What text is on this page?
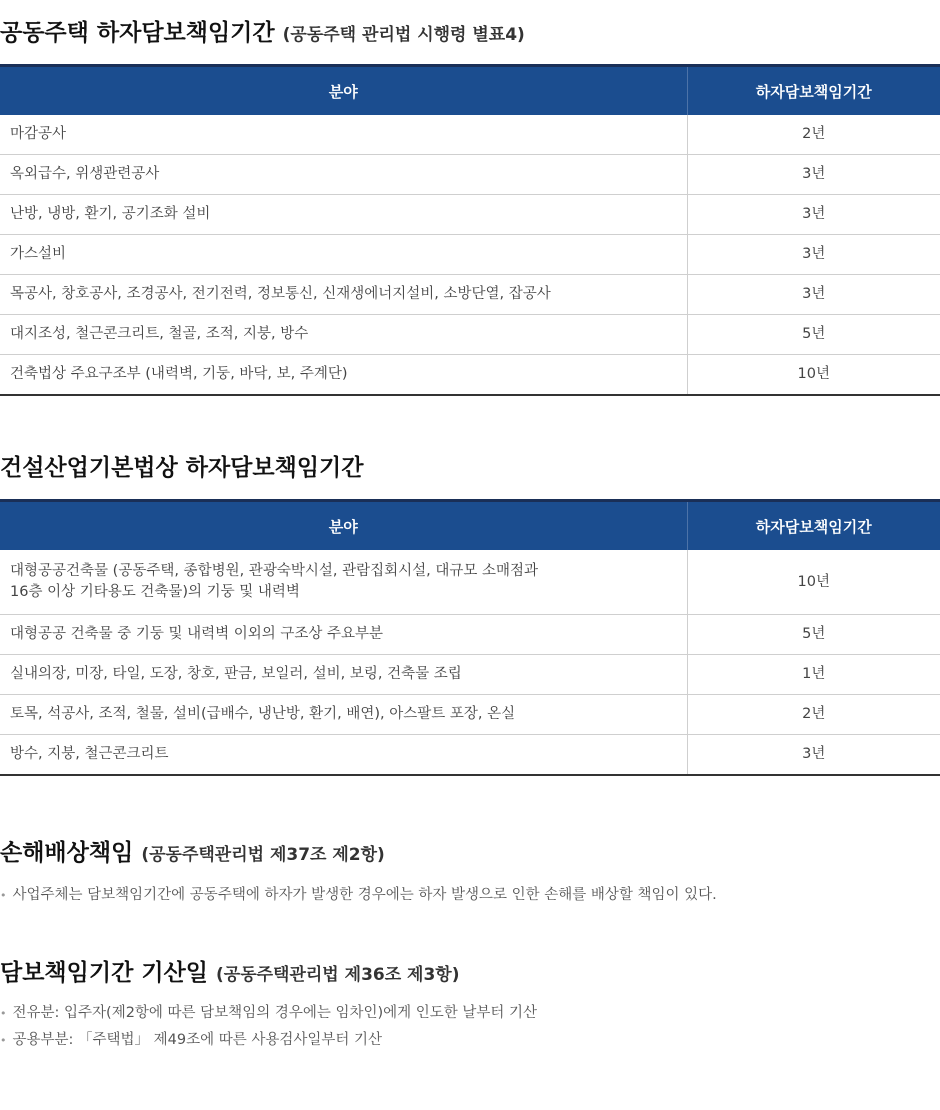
공동주택 하자담보책임기간 (공동주택 관리법 시행령 별표4)
분야	하자담보책임기간
마감공사	2년
옥외급수, 위생관련공사	3년
난방, 냉방, 환기, 공기조화 설비	3년
가스설비	3년
목공사, 창호공사, 조경공사, 전기전력, 정보통신, 신재생에너지설비, 소방단열, 잡공사	3년
대지조성, 철근콘크리트, 철골, 조적, 지붕, 방수	5년
건축법상 주요구조부 (내력벽, 기둥, 바닥, 보, 주계단)	10년
건설산업기본법상 하자담보책임기간
분야	하자담보책임기간

대형공공건축물 (공동주택, 종합병원, 관광숙박시설, 관람집회시설, 대규모 소매점과
16층 이상 기타용도 건축물)의 기둥 및 내력벽	10년
대형공공 건축물 중 기둥 및 내력벽 이외의 구조상 주요부분	5년
실내의장, 미장, 타일, 도장, 창호, 판금, 보일러, 설비, 보링, 건축물 조립	1년
토목, 석공사, 조적, 철물, 설비(급배수, 냉난방, 환기, 배연), 아스팔트 포장, 온실	2년
방수, 지붕, 철근콘크리트	3년
손해배상책임 (공동주택관리법 제37조 제2항)
• 사업주체는 담보책임기간에 공동주택에 하자가 발생한 경우에는 하자 발생으로 인한 손해를 배상할 책임이 있다.
담보책임기간 기산일 (공동주택관리법 제36조 제3항)
• 전유분: 입주자(제2항에 따른 담보책임의 경우에는 임차인)에게 인도한 날부터 기산
• 공용부분: 「주택법」 제49조에 따른 사용검사일부터 기산
